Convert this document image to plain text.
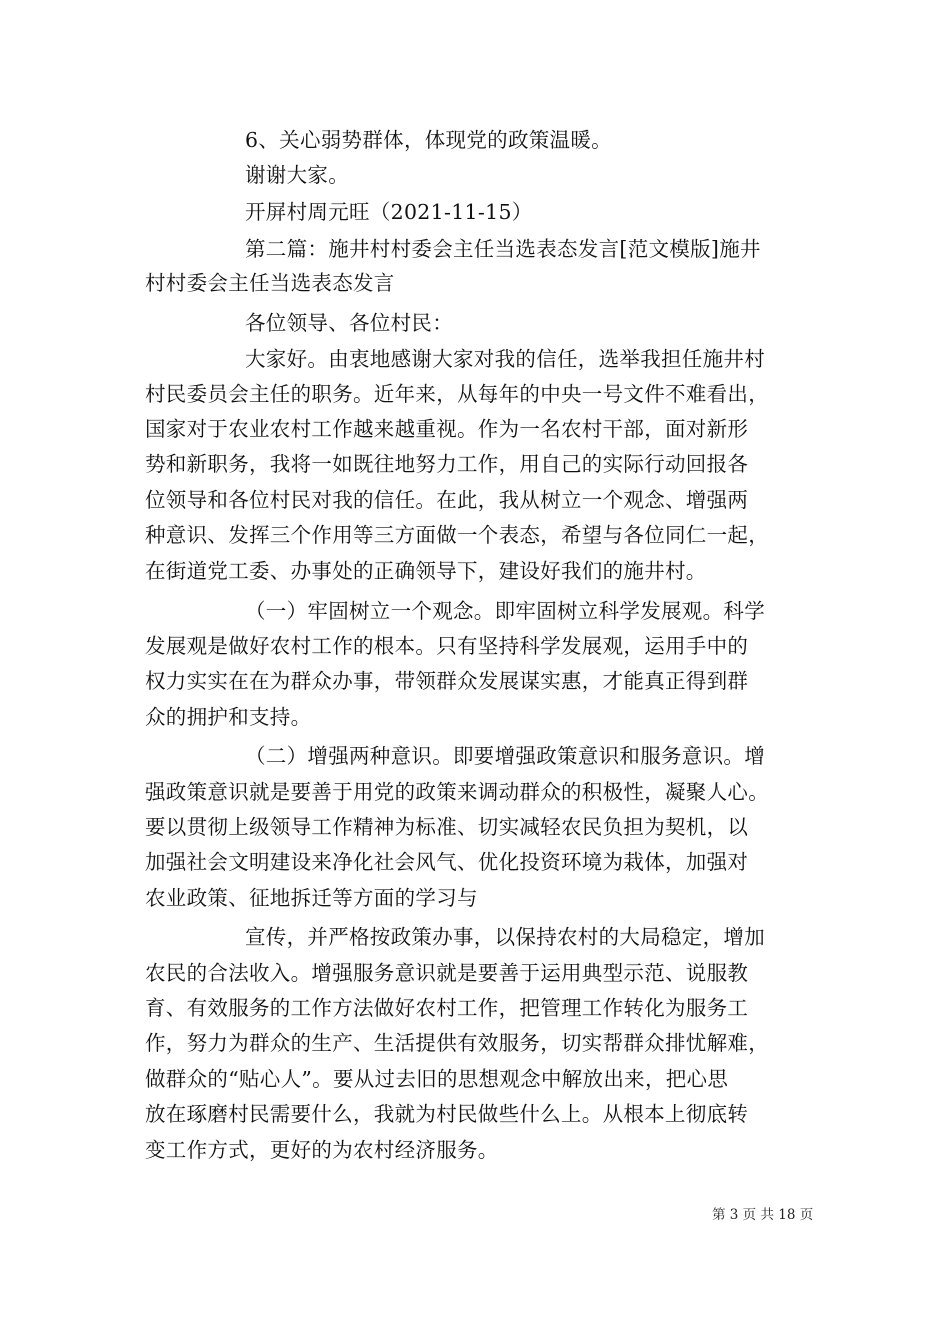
6、关心弱势群体，体现党的政策温暖。
谢谢大家。
开屏村周元旺（2021-11-15）
第二篇：施井村村委会主任当选表态发言[范文模版]施井
村村委会主任当选表态发言
各位领导、各位村民：
大家好。由衷地感谢大家对我的信任，选举我担任施井村
村民委员会主任的职务。近年来，从每年的中央一号文件不难看出，
国家对于农业农村工作越来越重视。作为一名农村干部，面对新形
势和新职务，我将一如既往地努力工作，用自己的实际行动回报各
位领导和各位村民对我的信任。在此，我从树立一个观念、增强两
种意识、发挥三个作用等三方面做一个表态，希望与各位同仁一起，
在街道党工委、办事处的正确领导下，建设好我们的施井村。
（一）牢固树立一个观念。即牢固树立科学发展观。科学
发展观是做好农村工作的根本。只有坚持科学发展观，运用手中的
权力实实在在为群众办事，带领群众发展谋实惠，才能真正得到群
众的拥护和支持。
（二）增强两种意识。即要增强政策意识和服务意识。增
强政策意识就是要善于用党的政策来调动群众的积极性，凝聚人心。
要以贯彻上级领导工作精神为标准、切实减轻农民负担为契机，以
加强社会文明建设来净化社会风气、优化投资环境为栽体，加强对
农业政策、征地拆迁等方面的学习与
宣传，并严格按政策办事，以保持农村的大局稳定，增加
农民的合法收入。增强服务意识就是要善于运用典型示范、说服教
育、有效服务的工作方法做好农村工作，把管理工作转化为服务工
作，努力为群众的生产、生活提供有效服务，切实帮群众排忧解难，
做群众的“贴心人”。要从过去旧的思想观念中解放出来，把心思
放在琢磨村民需要什么，我就为村民做些什么上。从根本上彻底转
变工作方式，更好的为农村经济服务。
第 3 页 共 18 页
